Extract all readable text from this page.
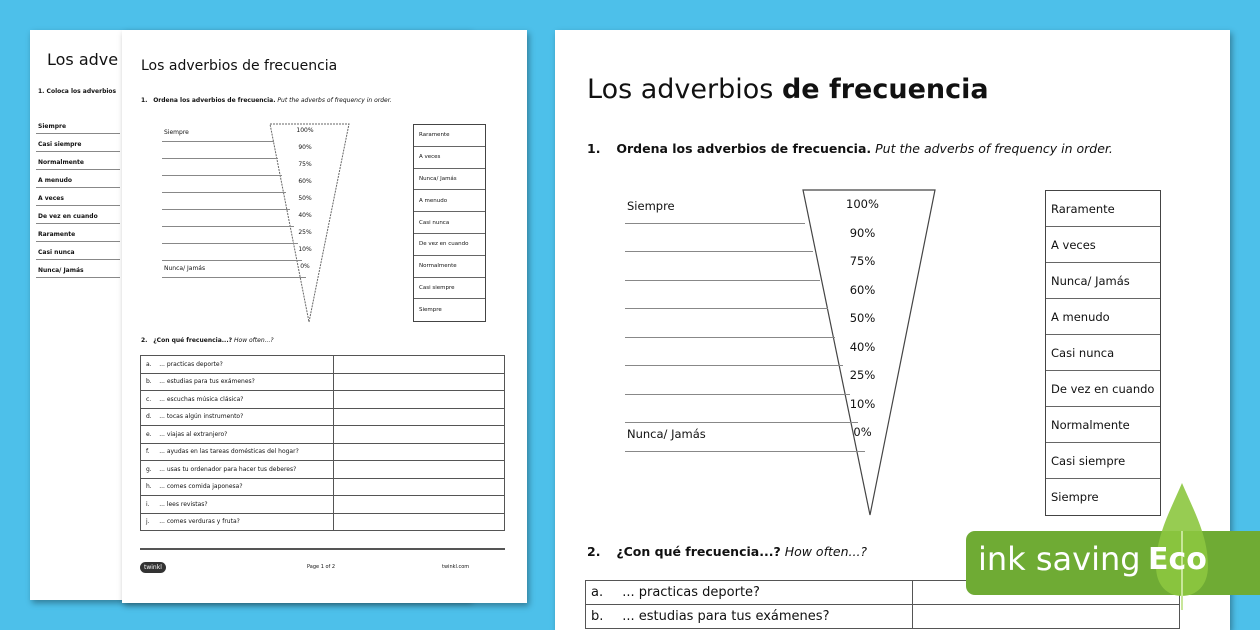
Los adve
1. Coloca los adverbios
Siempre
Casi siempre
Normalmente
A menudo
A veces
De vez en cuando
Raramente
Casi nunca
Nunca/ Jamás
Los adverbios de frecuencia
1. Ordena los adverbios de frecuencia. Put the adverbs of frequency in order.
100%
90%
75%
60%
50%
40%
25%
10%
0%
Siempre
Nunca/ Jamás
Raramente
A veces
Nunca/ Jamás
A menudo
Casi nunca
De vez en cuando
Normalmente
Casi siempre
Siempre
2. ¿Con qué frecuencia...? How often...?
a. ... practicas deporte?	
b. ... estudias para tus exámenes?	
c. ... escuchas música clásica?	
d. ... tocas algún instrumento?	
e. ... viajas al extranjero?	
f. ... ayudas en las tareas domésticas del hogar?	
g. ... usas tu ordenador para hacer tus deberes?	
h. ... comes comida japonesa?	
i. ... lees revistas?	
j. ... comes verduras y fruta?	
twinkl	Page 1 of 2	twinkl.com
Los adverbios de frecuencia
1. Ordena los adverbios de frecuencia. Put the adverbs of frequency in order.
100%
90%
75%
60%
50%
40%
25%
10%
0%
Siempre
Nunca/ Jamás
Raramente
A veces
Nunca/ Jamás
A menudo
Casi nunca
De vez en cuando
Normalmente
Casi siempre
Siempre
2. ¿Con qué frecuencia...? How often...?
a. ... practicas deporte?	
b. ... estudias para tus exámenes?	
ink saving Eco
